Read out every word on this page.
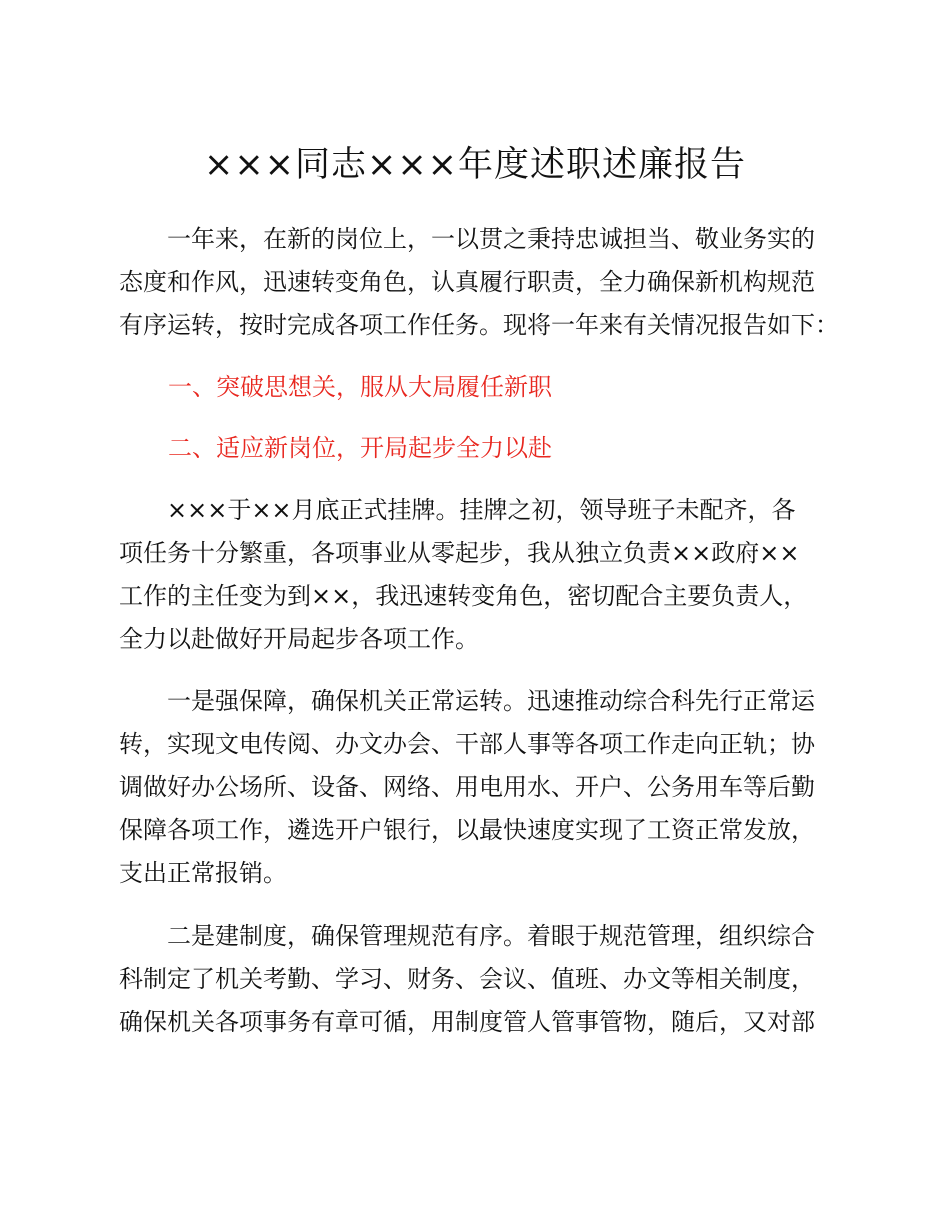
×××同志×××年度述职述廉报告
　　一年来，在新的岗位上，一以贯之秉持忠诚担当、敬业务实的
态度和作风，迅速转变角色，认真履行职责，全力确保新机构规范
有序运转，按时完成各项工作任务。现将一年来有关情况报告如下：

一、突破思想关，服从大局履任新职

二、适应新岗位，开局起步全力以赴

　　×××于××月底正式挂牌。挂牌之初，领导班子未配齐，各
项任务十分繁重，各项事业从零起步，我从独立负责××政府××
工作的主任变为到××，我迅速转变角色，密切配合主要负责人，
全力以赴做好开局起步各项工作。
　　一是强保障，确保机关正常运转。迅速推动综合科先行正常运
转，实现文电传阅、办文办会、干部人事等各项工作走向正轨；协
调做好办公场所、设备、网络、用电用水、开户、公务用车等后勤
保障各项工作，遴选开户银行，以最快速度实现了工资正常发放，
支出正常报销。
　　二是建制度，确保管理规范有序。着眼于规范管理，组织综合
科制定了机关考勤、学习、财务、会议、值班、办文等相关制度，
确保机关各项事务有章可循，用制度管人管事管物，随后，又对部
